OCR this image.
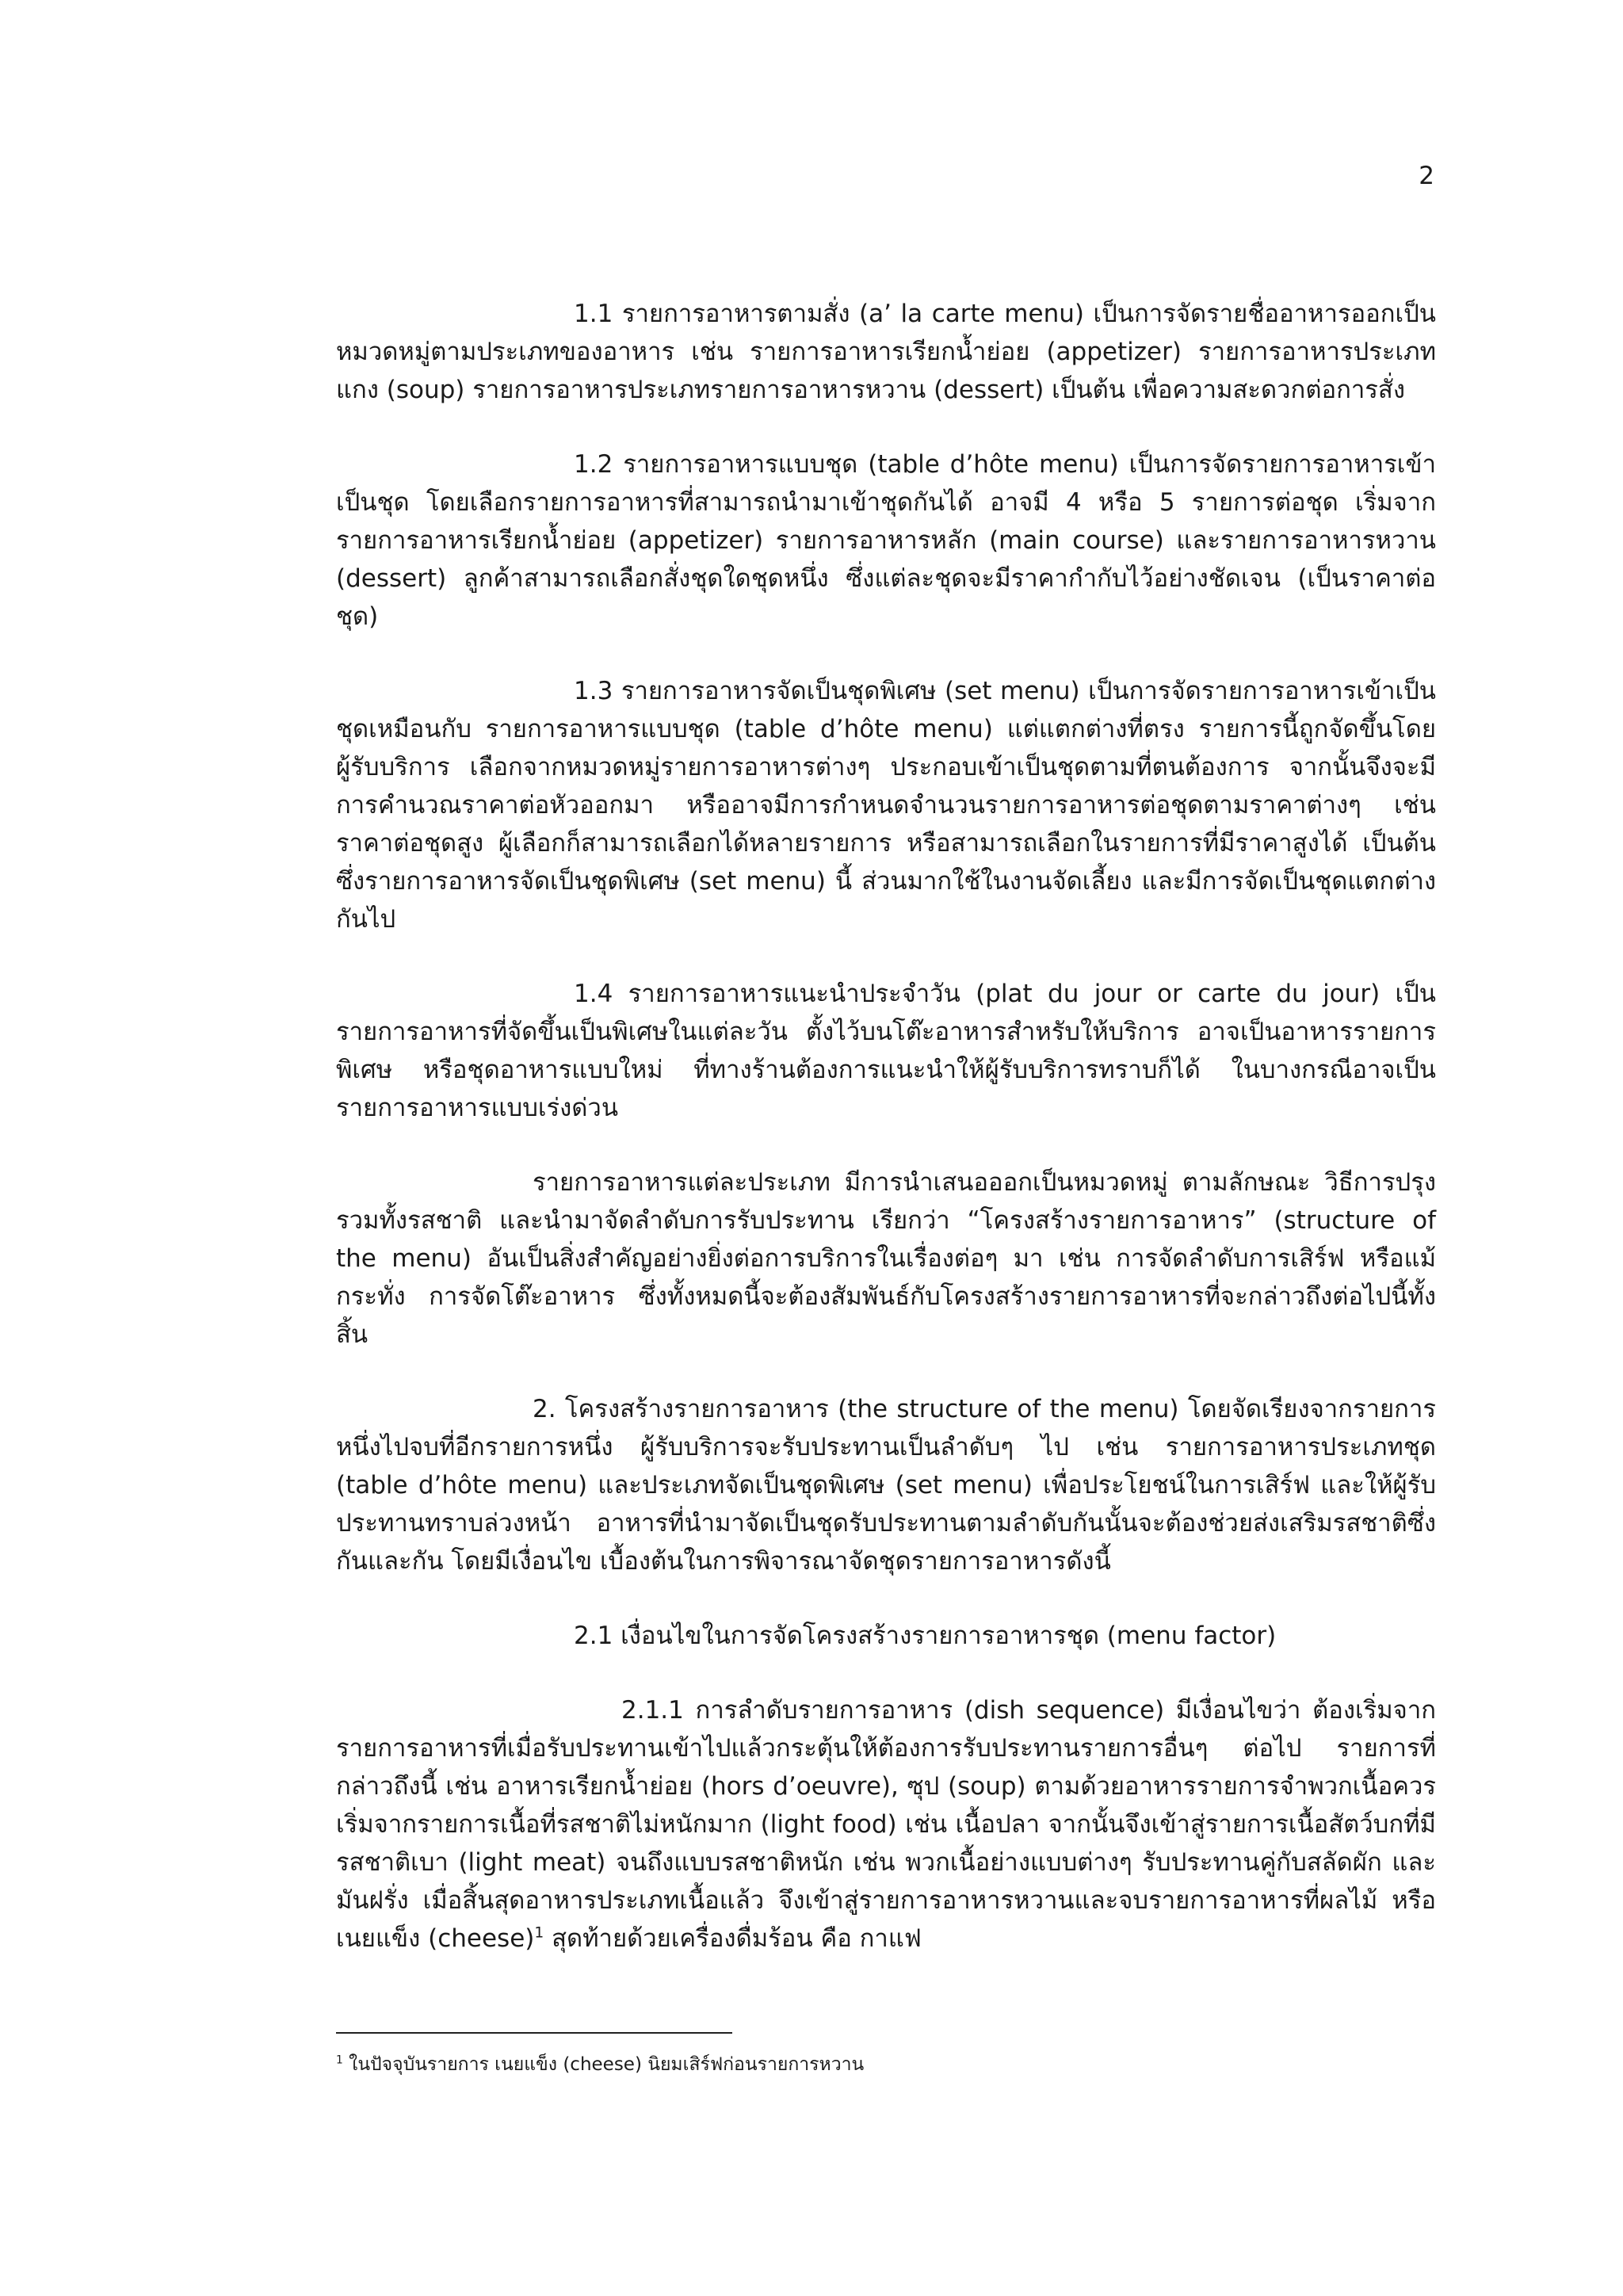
2

1.1 รายการอาหารตามสั่ง (a’ la carte menu) เป็นการจัดรายชื่ออาหารออกเป็นหมวดหมู่ตามประเภทของอาหาร เช่น รายการอาหารเรียกน้ำย่อย (appetizer) รายการอาหารประเภทแกง (soup) รายการอาหารประเภทรายการอาหารหวาน (dessert) เป็นต้น เพื่อความสะดวกต่อการสั่ง

1.2 รายการอาหารแบบชุด (table d’hôte menu) เป็นการจัดรายการอาหารเข้าเป็นชุด โดยเลือกรายการอาหารที่สามารถนำมาเข้าชุดกันได้ อาจมี 4 หรือ 5 รายการต่อชุด เริ่มจากรายการอาหารเรียกน้ำย่อย (appetizer) รายการอาหารหลัก (main course) และรายการอาหารหวาน (dessert) ลูกค้าสามารถเลือกสั่งชุดใดชุดหนึ่ง ซึ่งแต่ละชุดจะมีราคากำกับไว้อย่างชัดเจน (เป็นราคาต่อชุด)

1.3 รายการอาหารจัดเป็นชุดพิเศษ (set menu) เป็นการจัดรายการอาหารเข้าเป็นชุดเหมือนกับ รายการอาหารแบบชุด (table d’hôte menu) แต่แตกต่างที่ตรง รายการนี้ถูกจัดขึ้นโดยผู้รับบริการ เลือกจากหมวดหมู่รายการอาหารต่างๆ ประกอบเข้าเป็นชุดตามที่ตนต้องการ จากนั้นจึงจะมีการคำนวณราคาต่อหัวออกมา หรืออาจมีการกำหนดจำนวนรายการอาหารต่อชุดตามราคาต่างๆ เช่นราคาต่อชุดสูง ผู้เลือกก็สามารถเลือกได้หลายรายการ หรือสามารถเลือกในรายการที่มีราคาสูงได้ เป็นต้น ซึ่งรายการอาหารจัดเป็นชุดพิเศษ (set menu) นี้ ส่วนมากใช้ในงานจัดเลี้ยง และมีการจัดเป็นชุดแตกต่างกันไป

1.4 รายการอาหารแนะนำประจำวัน (plat du jour or carte du jour) เป็นรายการอาหารที่จัดขึ้นเป็นพิเศษในแต่ละวัน ตั้งไว้บนโต๊ะอาหารสำหรับให้บริการ อาจเป็นอาหารรายการพิเศษ หรือชุดอาหารแบบใหม่ ที่ทางร้านต้องการแนะนำให้ผู้รับบริการทราบก็ได้ ในบางกรณีอาจเป็นรายการอาหารแบบเร่งด่วน

รายการอาหารแต่ละประเภท มีการนำเสนอออกเป็นหมวดหมู่ ตามลักษณะ วิธีการปรุง รวมทั้งรสชาติ และนำมาจัดลำดับการรับประทาน เรียกว่า “โครงสร้างรายการอาหาร” (structure of the menu) อันเป็นสิ่งสำคัญอย่างยิ่งต่อการบริการในเรื่องต่อๆ มา เช่น การจัดลำดับการเสิร์ฟ หรือแม้กระทั่ง การจัดโต๊ะอาหาร ซึ่งทั้งหมดนี้จะต้องสัมพันธ์กับโครงสร้างรายการอาหารที่จะกล่าวถึงต่อไปนี้ทั้งสิ้น

2. โครงสร้างรายการอาหาร (the structure of the menu) โดยจัดเรียงจากรายการหนึ่งไปจบที่อีกรายการหนึ่ง ผู้รับบริการจะรับประทานเป็นลำดับๆ ไป เช่น รายการอาหารประเภทชุด (table d’hôte menu) และประเภทจัดเป็นชุดพิเศษ (set menu) เพื่อประโยชน์ในการเสิร์ฟ และให้ผู้รับประทานทราบล่วงหน้า อาหารที่นำมาจัดเป็นชุดรับประทานตามลำดับกันนั้นจะต้องช่วยส่งเสริมรสชาติซึ่งกันและกัน โดยมีเงื่อนไข เบื้องต้นในการพิจารณาจัดชุดรายการอาหารดังนี้

2.1 เงื่อนไขในการจัดโครงสร้างรายการอาหารชุด (menu factor)

2.1.1 การลำดับรายการอาหาร (dish sequence) มีเงื่อนไขว่า ต้องเริ่มจากรายการอาหารที่เมื่อรับประทานเข้าไปแล้วกระตุ้นให้ต้องการรับประทานรายการอื่นๆ ต่อไป รายการที่กล่าวถึงนี้ เช่น อาหารเรียกน้ำย่อย (hors d’oeuvre), ซุป (soup) ตามด้วยอาหารรายการจำพวกเนื้อควรเริ่มจากรายการเนื้อที่รสชาติไม่หนักมาก (light food) เช่น เนื้อปลา จากนั้นจึงเข้าสู่รายการเนื้อสัตว์บกที่มีรสชาติเบา (light meat) จนถึงแบบรสชาติหนัก เช่น พวกเนื้อย่างแบบต่างๆ รับประทานคู่กับสลัดผัก และมันฝรั่ง เมื่อสิ้นสุดอาหารประเภทเนื้อแล้ว จึงเข้าสู่รายการอาหารหวานและจบรายการอาหารที่ผลไม้ หรือ เนยแข็ง (cheese)$^1$ สุดท้ายด้วยเครื่องดื่มร้อน คือ กาแฟ

$^1$ ในปัจจุบันรายการ เนยแข็ง (cheese) นิยมเสิร์ฟก่อนรายการหวาน
